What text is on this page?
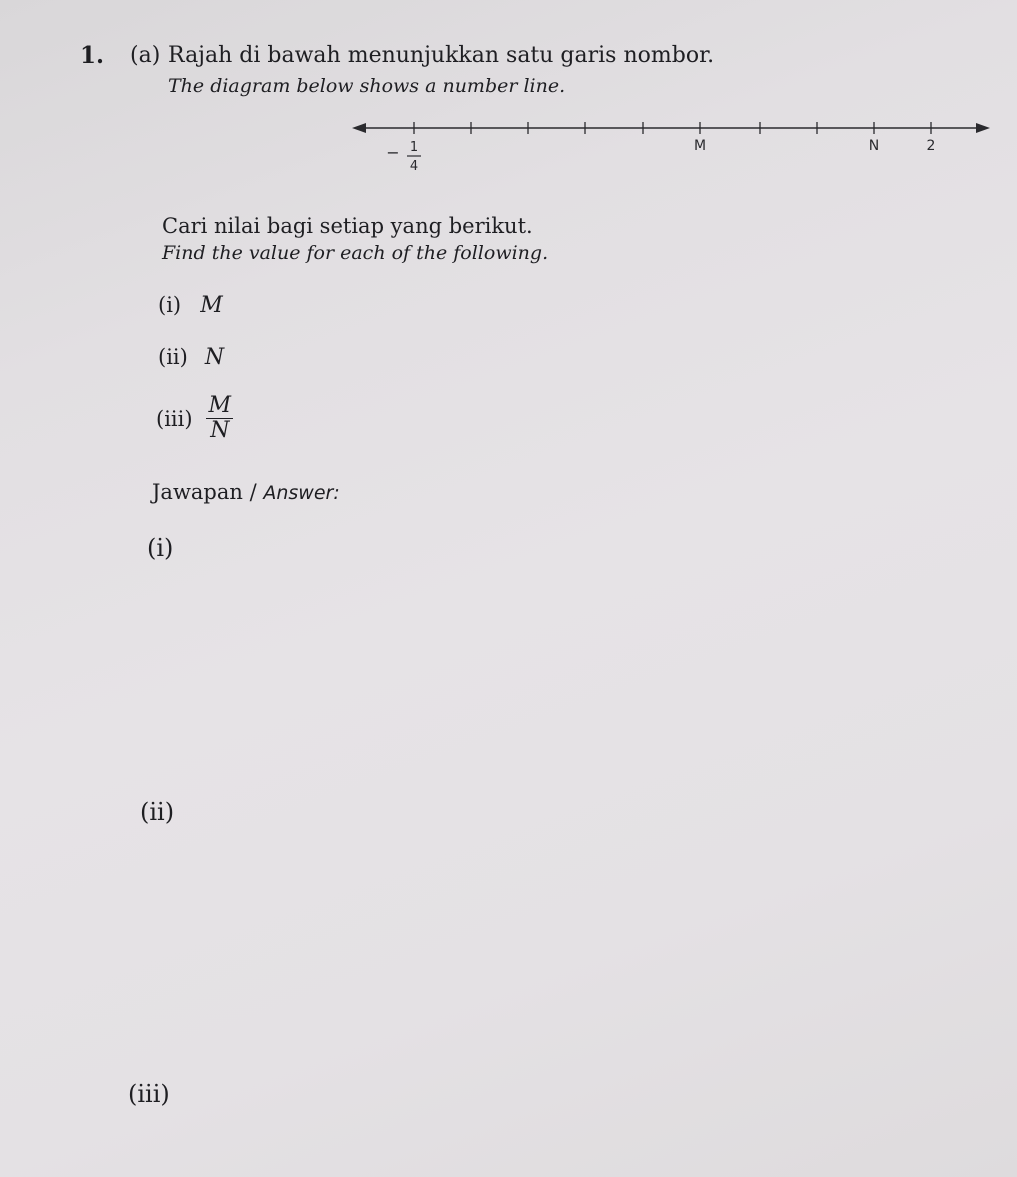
1. (a) Rajah di bawah menunjukkan satu garis nombor.
The diagram below shows a number line.
− 1
4
M	N	2
Cari nilai bagi setiap yang berikut.
Find the value for each of the following.
(i) M
(ii) N
$(iii) \frac{M}{N}$
Jawapan / Answer:
(i)
(ii)
(iii)
